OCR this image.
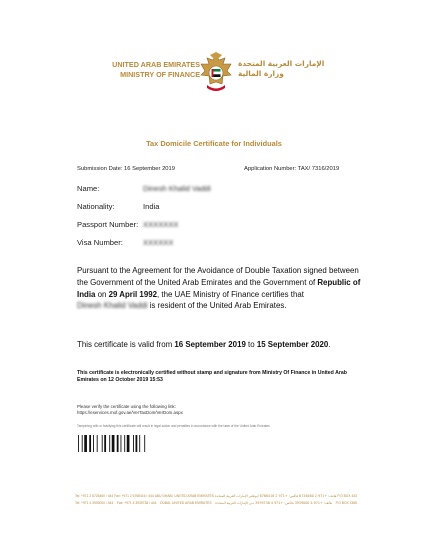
UNITED ARAB EMIRATES
MINISTRY OF FINANCE
الإمارات العربية المتحدة
وزارة المالية
Tax Domicile Certificate for Individuals
Submission Date: 16 September 2019	Application Number: TAX/ 7316/2019
Name:	Dinesh Khalid Vaddi
Nationality:	India
Passport Number: XXXXXXX
Visa Number:	XXXXXX
Pursuant to the Agreement for the Avoidance of Double Taxation signed between the Government of the United Arab Emirates and the Government of Republic of India on 29 April 1992, the UAE Ministry of Finance certifies that Dinesh Khalid Vaddi is resident of the United Arab Emirates.
This certificate is valid from 16 September 2019 to 15 September 2020.
This certificate is electronically certified without stamp and signature from Ministry Of Finance in United Arab Emirates on 12 October 2019 15:53
Please verify the certificate using the following link:
https://eservices.mof.gov.ae/VerTaxDom/VerDom.aspx
Tampering with or falsifying this certificate will result in legal action and penalties in accordance with the laws of the United Arab Emirates
Tel: +971 2 6726460 / 444 Fax: +971 2 6768416 / 444 ABU DHABI, UNITED ARAB EMIRATES هاتف: +971 2 6726460 فاكس: +971 2 6768416 أبوظبي الإمارات العربية المتحدة P.O BOX 433
Tel: +971 4 3939000 / 444 Fax: +971 4 3939738 / 444 DUBAI, UNITED ARAB EMIRATES هاتف: +971 4 3939000 فاكس: +971 4 3939738 دبي الإمارات العربية المتحدة P.O BOX 1565
